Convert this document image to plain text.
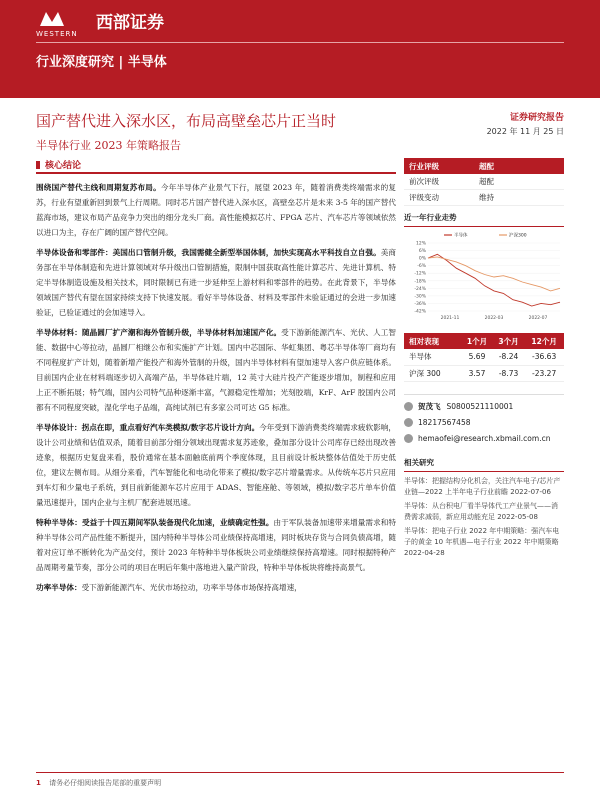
WESTERN
西部证券
行业深度研究 | 半导体
国产替代进入深水区，布局高壁垒芯片正当时
半导体行业 2023 年策略报告
证券研究报告
2022 年 11 月 25 日
核心结论

围绕国产替代主线和周期复苏布局。今年半导体产业景气下行，展望 2023 年，随着消费类终端需求的复苏，行业有望重新回到景气上行周期。同时芯片国产替代进入深水区，高壁垒芯片是未来 3-5 年的国产替代蓝海市场，建议布局产品竞争力突出的细分龙头厂商。高性能模拟芯片、FPGA 芯片、汽车芯片等领域依然以进口为主，存在广阔的国产替代空间。

半导体设备和零部件：美国出口管制升级，我国需健全新型举国体制，加快实现高水平科技自立自强。美商务部在半导体制造和先进计算领域对华升级出口管制措施，限制中国获取高性能计算芯片、先进计算机、特定半导体制造设施及相关技术，同时限制已有进一步延伸至上游材料和零部件的趋势。在此背景下，半导体领域国产替代有望在国家持续支持下快速发展。看好半导体设备、材料及零部件未验证通过的会进一步加速验证，已验证通过的会加速导入。

半导体材料：随晶圆厂扩产潮和海外管制升级，半导体材料加速国产化。受下游新能源汽车、光伏、人工智能、数据中心等拉动，晶圆厂相继公布和实施扩产计划。国内中芯国际、华虹集团、粤芯半导体等厂商均有不同程度扩产计划，随着新增产能投产和海外管制的升级，国内半导体材料有望加速导入客户供应链体系。目前国内企业在材料端逐步切入高端产品，半导体硅片端，12 英寸大硅片投产产能逐步增加，制程和应用上正不断拓展；特气端，国内公司特气品种逐渐丰富，气源稳定性增加；光刻胶端，KrF、ArF 胶国内公司都有不同程度突破，湿化学电子品端，高纯试剂已有多家公司可达 G5 标准。

半导体设计：拐点在即，重点看好汽车类模拟/数字芯片设计方向。今年受到下游消费类终端需求疲软影响，设计公司业绩和估值双杀，随着目前部分细分领域出现需求复苏迹象，叠加部分设计公司库存已经出现改善迹象，根据历史复盘来看，股价通常在基本面触底前两个季度体现，且目前设计板块整体估值处于历史低位，建议左侧布局。从细分来看，汽车智能化和电动化带来了模拟/数字芯片增量需求。从传统车芯片只应用到车灯和少量电子系统，到目前新能源车芯片应用于 ADAS、智能座舱、等领域，模拟/数字芯片单车价值量迅速提升，国内企业与主机厂配套进展迅速。

特种半导体：受益于十四五期间军队装备现代化加速，业绩确定性强。由于军队装备加速带来增量需求和特种半导体公司产品性能不断提升，国内特种半导体公司业绩保持高增速，同时板块存货与合同负债高增，随着对应订单不断转化为产品交付，预计 2023 年特种半导体板块公司业绩继续保持高增速。同时根据特种产品周期考量节奏，部分公司的项目在明后年集中落地进入量产阶段，特种半导体板块将维持高景气。

功率半导体：受下游新能源汽车、光伏市场拉动，功率半导体市场保持高增速，

行业评级	超配
前次评级	超配
评级变动	维持
近一年行业走势
12%
6%
0%
-6%
-12%
-18%
-24%
-30%
-36%
-42%
2021-11	2022-03	2022-07
半导体	沪深300
相对表现	1个月	3个月	12个月
半导体	5.69	-8.24	-36.63
沪深 300	3.57	-8.73	-23.27
贺茂飞 S0800521110001
18217567458
hemaofei@research.xbmail.com.cn
相关研究

半导体：把握结构分化机会，关注汽车电子/芯片产业链—2022 上半年电子行业前瞻 2022-07-06

半导体：从台积电厂看半导体代工产业景气——消费需求减弱，新应用动能充足 2022-05-08

半导体：把电子行业 2022 年中期策略：强汽车电子的黄金 10 年机遇—电子行业 2022 年中期策略 2022-04-28

1 请务必仔细阅读报告尾部的重要声明
